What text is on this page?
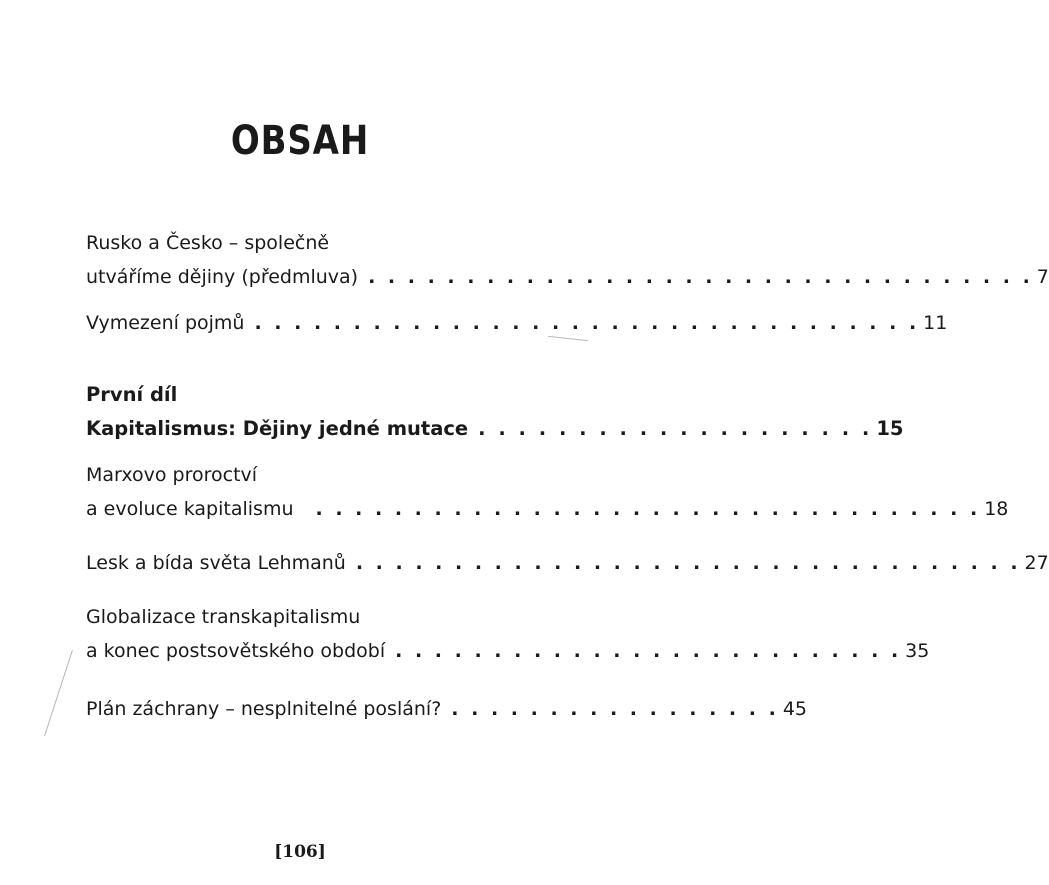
OBSAH
Rusko a Česko – společně
utváříme dějiny (předmluva) . . . . . . . . . . . . . . . . . . . . . . . . . . . . . . . . . . 7
Vymezení pojmů . . . . . . . . . . . . . . . . . . . . . . . . . . . . . . . . . . 11
První díl
Kapitalismus: Dějiny jedné mutace . . . . . . . . . . . . . . . . . . . . 15
Marxovo proroctví
a evoluce kapitalismu . . . . . . . . . . . . . . . . . . . . . . . . . . . . . . . . . . 18
Lesk a bída světa Lehmanů . . . . . . . . . . . . . . . . . . . . . . . . . . . . . . . . . . 27
Globalizace transkapitalismu
a konec postsovětského období . . . . . . . . . . . . . . . . . . . . . . . . . . 35
Plán záchrany – nesplnitelné poslání? . . . . . . . . . . . . . . . . . 45
[106]
